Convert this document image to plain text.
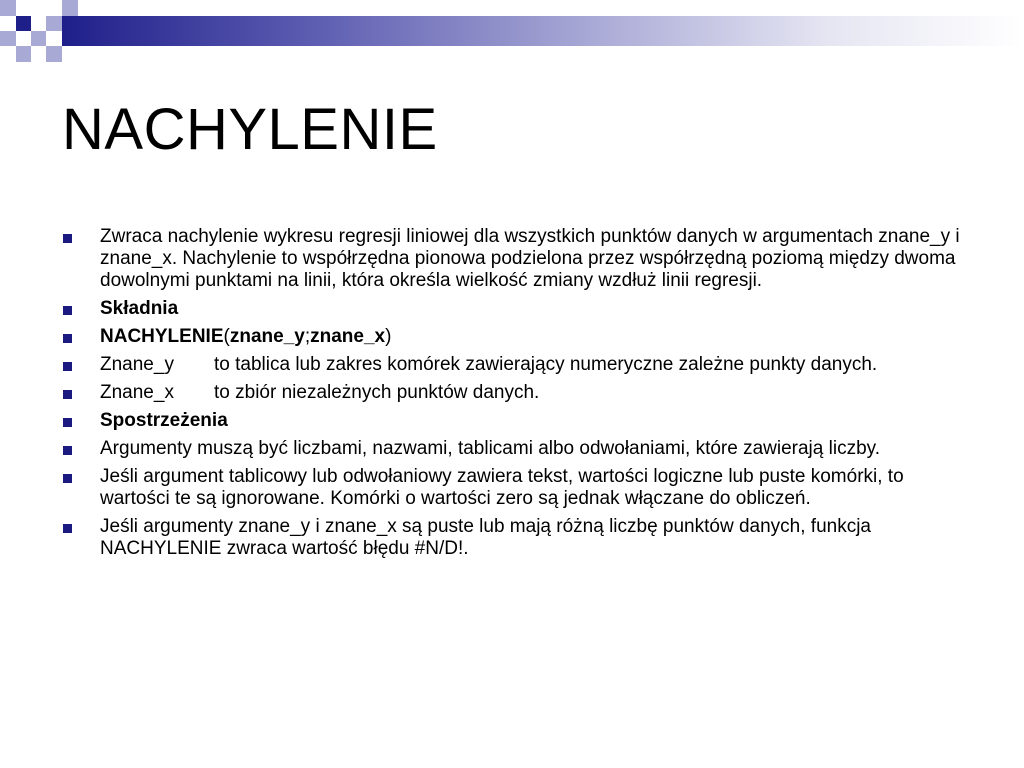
NACHYLENIE
Zwraca nachylenie wykresu regresji liniowej dla wszystkich punktów danych w argumentach znane_y i znane_x. Nachylenie to współrzędna pionowa podzielona przez współrzędną poziomą między dwoma dowolnymi punktami na linii, która określa wielkość zmiany wzdłuż linii regresji.
Składnia
NACHYLENIE(znane_y;znane_x)
Znane_y to tablica lub zakres komórek zawierający numeryczne zależne punkty danych.
Znane_x to zbiór niezależnych punktów danych.
Spostrzeżenia
Argumenty muszą być liczbami, nazwami, tablicami albo odwołaniami, które zawierają liczby.
Jeśli argument tablicowy lub odwołaniowy zawiera tekst, wartości logiczne lub puste komórki, to wartości te są ignorowane. Komórki o wartości zero są jednak włączane do obliczeń.
Jeśli argumenty znane_y i znane_x są puste lub mają różną liczbę punktów danych, funkcja NACHYLENIE zwraca wartość błędu #N/D!.
